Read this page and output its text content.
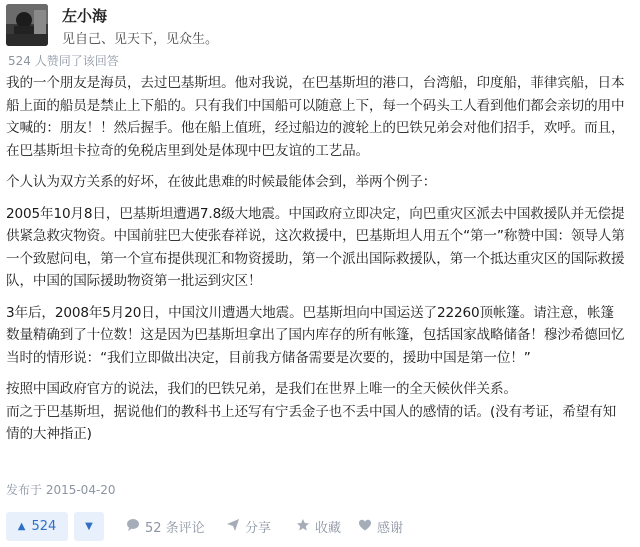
左小海
见自己、见天下，见众生。
524 人赞同了该回答

我的一个朋友是海员，去过巴基斯坦。他对我说，在巴基斯坦的港口，台湾船，印度船，菲律宾船，日本船上面的船员是禁止上下船的。只有我们中国船可以随意上下，每一个码头工人看到他们都会亲切的用中文喊的：朋友！！然后握手。他在船上值班，经过船边的渡轮上的巴铁兄弟会对他们招手，欢呼。而且，在巴基斯坦卡拉奇的免税店里到处是体现中巴友谊的工艺品。

个人认为双方关系的好坏，在彼此患难的时候最能体会到，举两个例子：

2005年10月8日，巴基斯坦遭遇7.8级大地震。中国政府立即决定，向巴重灾区派去中国救援队并无偿提供紧急救灾物资。中国前驻巴大使张春祥说，这次救援中，巴基斯坦人用五个“第一”称赞中国：领导人第一个致慰问电，第一个宣布提供现汇和物资援助，第一个派出国际救援队，第一个抵达重灾区的国际救援队，中国的国际援助物资第一批运到灾区！

3年后，2008年5月20日，中国汶川遭遇大地震。巴基斯坦向中国运送了22260顶帐篷。请注意，帐篷数量精确到了十位数！这是因为巴基斯坦拿出了国内库存的所有帐篷，包括国家战略储备！穆沙希德回忆当时的情形说：“我们立即做出决定，目前我方储备需要是次要的，援助中国是第一位！”

按照中国政府官方的说法，我们的巴铁兄弟，是我们在世界上唯一的全天候伙伴关系。
而之于巴基斯坦，据说他们的教科书上还写有宁丢金子也不丢中国人的感情的话。(没有考证，希望有知情的大神指正)

发布于 2015-04-20
▲ 524	▼	52 条评论	分享	收藏	感谢
